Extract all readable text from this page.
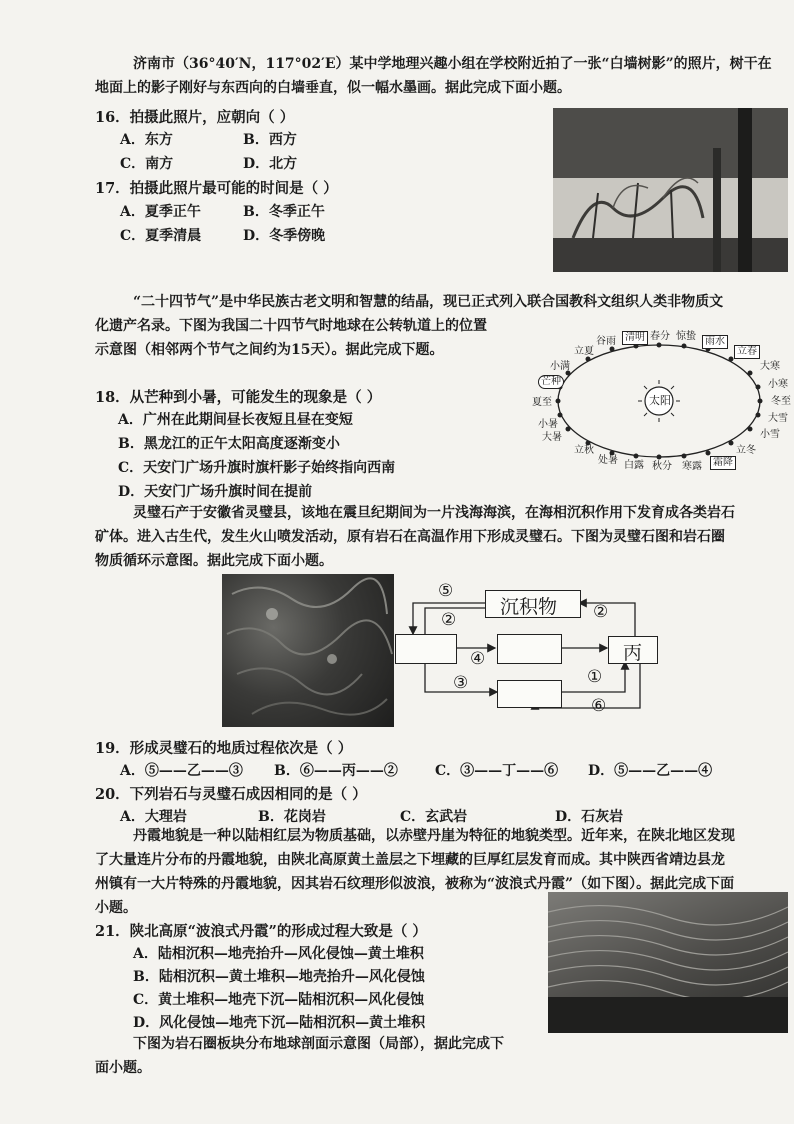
济南市（36°40′N，117°02′E）某中学地理兴趣小组在学校附近拍了一张“白墙树影”的照片，树干在
地面上的影子刚好与东西向的白墙垂直，似一幅水墨画。据此完成下面小题。
16．拍摄此照片，应朝向（ ）
A．东方	B．西方
C．南方	D．北方
17．拍摄此照片最可能的时间是（ ）
A．夏季正午	B．冬季正午
C．夏季清晨	D．冬季傍晚
“二十四节气”是中华民族古老文明和智慧的结晶，现已正式列入联合国教科文组织人类非物质文
化遗产名录。下图为我国二十四节气时地球在公转轨道上的位置
示意图（相邻两个节气之间约为15天）。据此完成下题。
太阳
立夏
谷雨 清明 春分 惊蛰 雨水
立春
大寒
小寒
冬至
大雪
小雪
立冬
霜降
寒露
秋分
白露
处暑
立秋
大暑
小暑
夏至
芒种
小满
18．从芒种到小暑，可能发生的现象是（ ）
A．广州在此期间昼长夜短且昼在变短
B．黑龙江的正午太阳高度逐渐变小
C．天安门广场升旗时旗杆影子始终指向西南
D．天安门广场升旗时间在提前
灵璧石产于安徽省灵璧县，该地在震旦纪期间为一片浅海海滨，在海相沉积作用下发育成各类岩石
矿体。进入古生代，发生火山喷发活动，原有岩石在高温作用下形成灵璧石。下图为灵璧石图和岩石圈
物质循环示意图。据此完成下面小题。
沉积物
丙
⑤
②	②
④
③	①
⑥
19．形成灵璧石的地质过程依次是（ ）
A．⑤——乙——③ B．⑥——丙——②	C．③——丁——⑥ D．⑤——乙——④
20．下列岩石与灵璧石成因相同的是（ ）
A．大理岩	B．花岗岩	C．玄武岩	D．石灰岩
丹霞地貌是一种以陆相红层为物质基础，以赤壁丹崖为特征的地貌类型。近年来，在陕北地区发现
了大量连片分布的丹霞地貌，由陕北高原黄土盖层之下埋藏的巨厚红层发育而成。其中陕西省靖边县龙
州镇有一大片特殊的丹霞地貌，因其岩石纹理形似波浪，被称为“波浪式丹霞”（如下图）。据此完成下面
小题。
21．陕北高原“波浪式丹霞”的形成过程大致是（ ）
A．陆相沉积—地壳抬升—风化侵蚀—黄土堆积
B．陆相沉积—黄土堆积—地壳抬升—风化侵蚀
C．黄土堆积—地壳下沉—陆相沉积—风化侵蚀
D．风化侵蚀—地壳下沉—陆相沉积—黄土堆积
下图为岩石圈板块分布地球剖面示意图（局部），据此完成下
面小题。
